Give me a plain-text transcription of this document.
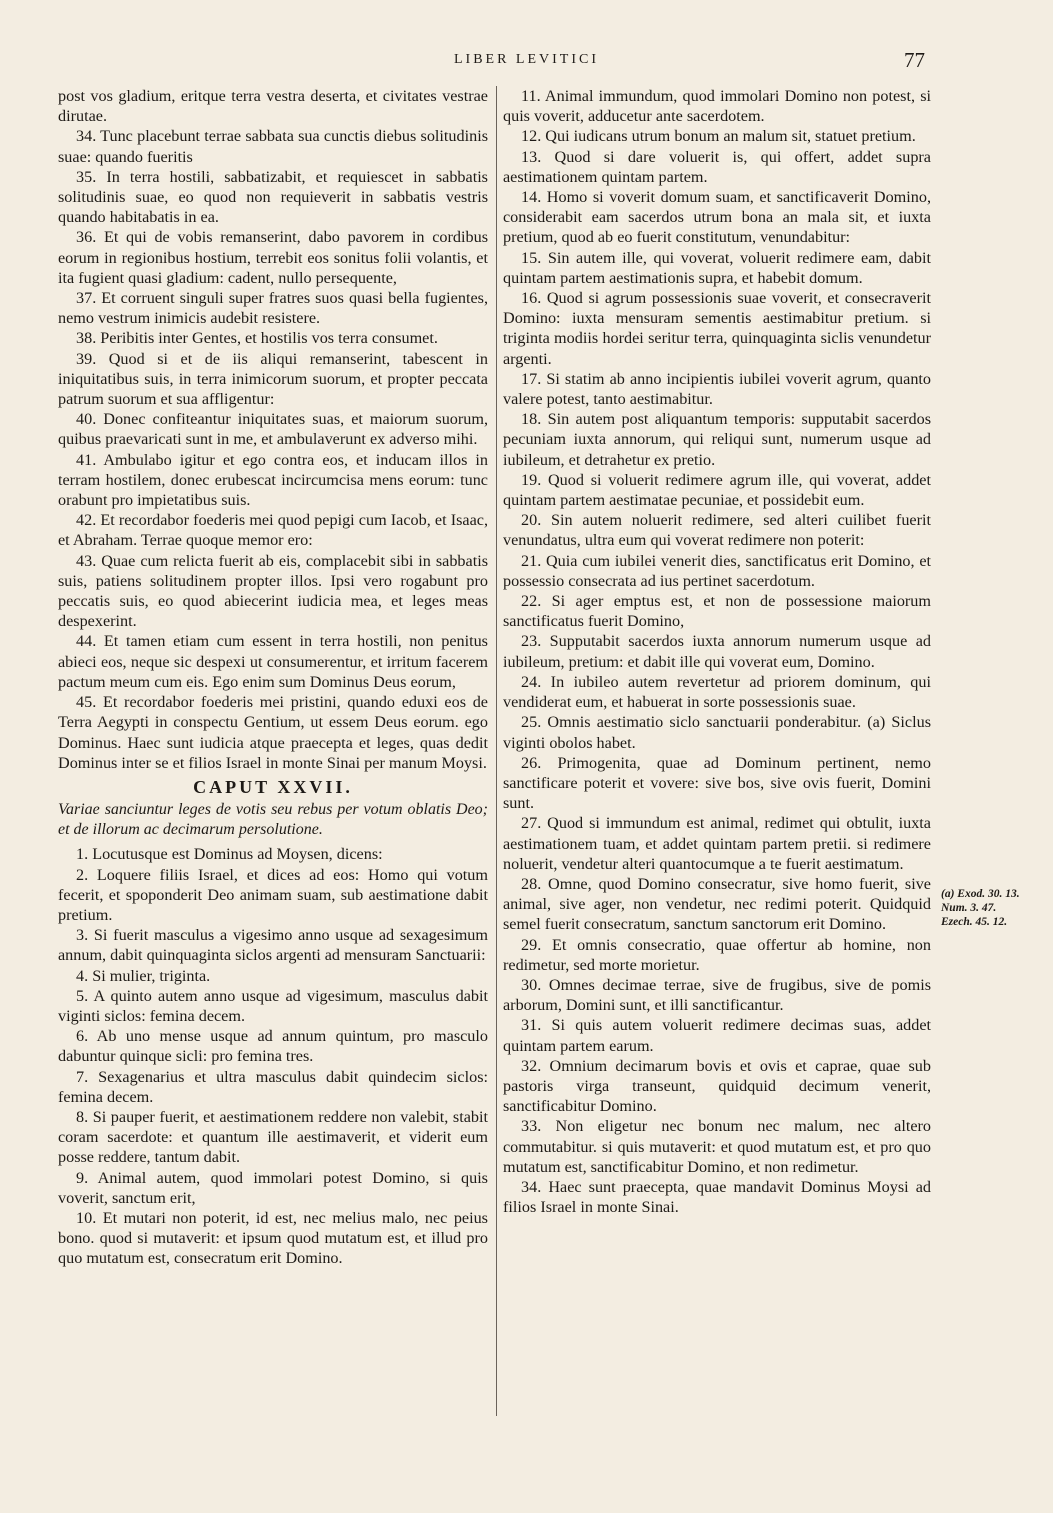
LIBER LEVITICI	77

post vos gladium, eritque terra vestra deserta, et civitates vestrae dirutae.

34. Tunc placebunt terrae sabbata sua cunctis diebus solitudinis suae: quando fueritis

35. In terra hostili, sabbatizabit, et requiescet in sabbatis solitudinis suae, eo quod non requieverit in sabbatis vestris quando habitabatis in ea.

36. Et qui de vobis remanserint, dabo pavorem in cordibus eorum in regionibus hostium, terrebit eos sonitus folii volantis, et ita fugient quasi gladium: cadent, nullo persequente,

37. Et corruent singuli super fratres suos quasi bella fugientes, nemo vestrum inimicis audebit resistere.

38. Peribitis inter Gentes, et hostilis vos terra consumet.

39. Quod si et de iis aliqui remanserint, tabescent in iniquitatibus suis, in terra inimicorum suorum, et propter peccata patrum suorum et sua affligentur:

40. Donec confiteantur iniquitates suas, et maiorum suorum, quibus praevaricati sunt in me, et ambulaverunt ex adverso mihi.

41. Ambulabo igitur et ego contra eos, et inducam illos in terram hostilem, donec erubescat incircumcisa mens eorum: tunc orabunt pro impietatibus suis.

42. Et recordabor foederis mei quod pepigi cum Iacob, et Isaac, et Abraham. Terrae quoque memor ero:

43. Quae cum relicta fuerit ab eis, complacebit sibi in sabbatis suis, patiens solitudinem propter illos. Ipsi vero rogabunt pro peccatis suis, eo quod abiecerint iudicia mea, et leges meas despexerint.

44. Et tamen etiam cum essent in terra hostili, non penitus abieci eos, neque sic despexi ut consumerentur, et irritum facerem pactum meum cum eis. Ego enim sum Dominus Deus eorum,

45. Et recordabor foederis mei pristini, quando eduxi eos de Terra Aegypti in conspectu Gentium, ut essem Deus eorum. ego Dominus. Haec sunt iudicia atque praecepta et leges, quas dedit Dominus inter se et filios Israel in monte Sinai per manum Moysi.

CAPUT XXVII.

Variae sanciuntur leges de votis seu rebus per votum oblatis Deo; et de illorum ac decimarum persolutione.

1. Locutusque est Dominus ad Moysen, dicens:

2. Loquere filiis Israel, et dices ad eos: Homo qui votum fecerit, et spoponderit Deo animam suam, sub aestimatione dabit pretium.

3. Si fuerit masculus a vigesimo anno usque ad sexagesimum annum, dabit quinquaginta siclos argenti ad mensuram Sanctuarii:

4. Si mulier, triginta.

5. A quinto autem anno usque ad vigesimum, masculus dabit viginti siclos: femina decem.

6. Ab uno mense usque ad annum quintum, pro masculo dabuntur quinque sicli: pro femina tres.

7. Sexagenarius et ultra masculus dabit quindecim siclos: femina decem.

8. Si pauper fuerit, et aestimationem reddere non valebit, stabit coram sacerdote: et quantum ille aestimaverit, et viderit eum posse reddere, tantum dabit.

9. Animal autem, quod immolari potest Domino, si quis voverit, sanctum erit,

10. Et mutari non poterit, id est, nec melius malo, nec peius bono. quod si mutaverit: et ipsum quod mutatum est, et illud pro quo mutatum est, consecratum erit Domino.

11. Animal immundum, quod immolari Domino non potest, si quis voverit, adducetur ante sacerdotem.

12. Qui iudicans utrum bonum an malum sit, statuet pretium.

13. Quod si dare voluerit is, qui offert, addet supra aestimationem quintam partem.

14. Homo si voverit domum suam, et sanctificaverit Domino, considerabit eam sacerdos utrum bona an mala sit, et iuxta pretium, quod ab eo fuerit constitutum, venundabitur:

15. Sin autem ille, qui voverat, voluerit redimere eam, dabit quintam partem aestimationis supra, et habebit domum.

16. Quod si agrum possessionis suae voverit, et consecraverit Domino: iuxta mensuram sementis aestimabitur pretium. si triginta modiis hordei seritur terra, quinquaginta siclis venundetur argenti.

17. Si statim ab anno incipientis iubilei voverit agrum, quanto valere potest, tanto aestimabitur.

18. Sin autem post aliquantum temporis: supputabit sacerdos pecuniam iuxta annorum, qui reliqui sunt, numerum usque ad iubileum, et detrahetur ex pretio.

19. Quod si voluerit redimere agrum ille, qui voverat, addet quintam partem aestimatae pecuniae, et possidebit eum.

20. Sin autem noluerit redimere, sed alteri cuilibet fuerit venundatus, ultra eum qui voverat redimere non poterit:

21. Quia cum iubilei venerit dies, sanctificatus erit Domino, et possessio consecrata ad ius pertinet sacerdotum.

22. Si ager emptus est, et non de possessione maiorum sanctificatus fuerit Domino,

23. Supputabit sacerdos iuxta annorum numerum usque ad iubileum, pretium: et dabit ille qui voverat eum, Domino.

24. In iubileo autem revertetur ad priorem dominum, qui vendiderat eum, et habuerat in sorte possessionis suae.

25. Omnis aestimatio siclo sanctuarii ponderabitur. (a) Siclus viginti obolos habet.

26. Primogenita, quae ad Dominum pertinent, nemo sanctificare poterit et vovere: sive bos, sive ovis fuerit, Domini sunt.

27. Quod si immundum est animal, redimet qui obtulit, iuxta aestimationem tuam, et addet quintam partem pretii. si redimere noluerit, vendetur alteri quantocumque a te fuerit aestimatum.

28. Omne, quod Domino consecratur, sive homo fuerit, sive animal, sive ager, non vendetur, nec redimi poterit. Quidquid semel fuerit consecratum, sanctum sanctorum erit Domino.

29. Et omnis consecratio, quae offertur ab homine, non redimetur, sed morte morietur.

30. Omnes decimae terrae, sive de frugibus, sive de pomis arborum, Domini sunt, et illi sanctificantur.

31. Si quis autem voluerit redimere decimas suas, addet quintam partem earum.

32. Omnium decimarum bovis et ovis et caprae, quae sub pastoris virga transeunt, quidquid decimum venerit, sanctificabitur Domino.

33. Non eligetur nec bonum nec malum, nec altero commutabitur. si quis mutaverit: et quod mutatum est, et pro quo mutatum est, sanctificabitur Domino, et non redimetur.

34. Haec sunt praecepta, quae mandavit Dominus Moysi ad filios Israel in monte Sinai.

(a) Exod. 30. 13. Num. 3. 47. Ezech. 45. 12.
